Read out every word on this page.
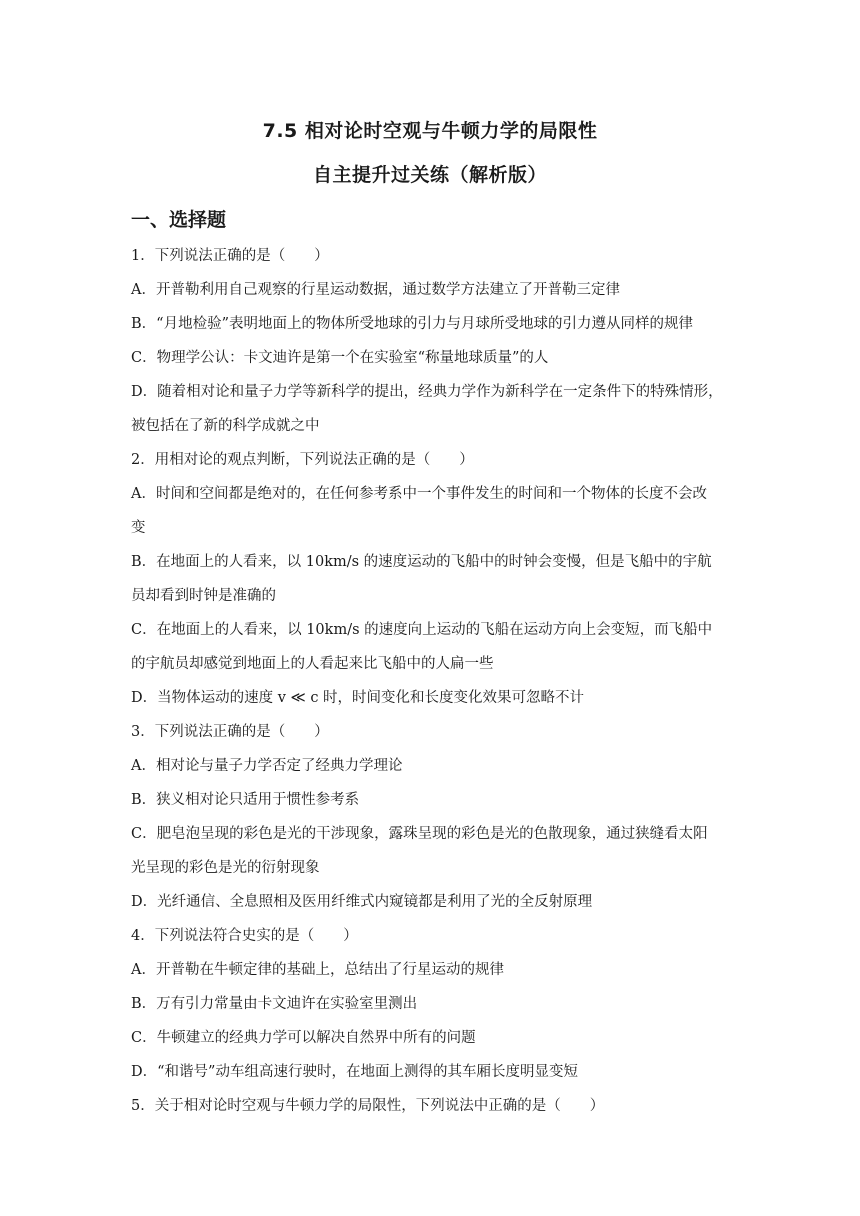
7.5 相对论时空观与牛顿力学的局限性
自主提升过关练（解析版）
一、选择题
1．下列说法正确的是（　　）
A．开普勒利用自己观察的行星运动数据，通过数学方法建立了开普勒三定律
B．“月地检验”表明地面上的物体所受地球的引力与月球所受地球的引力遵从同样的规律
C．物理学公认：卡文迪许是第一个在实验室“称量地球质量”的人
D．随着相对论和量子力学等新科学的提出，经典力学作为新科学在一定条件下的特殊情形，
被包括在了新的科学成就之中
2．用相对论的观点判断，下列说法正确的是（　　）
A．时间和空间都是绝对的，在任何参考系中一个事件发生的时间和一个物体的长度不会改
变
B．在地面上的人看来，以 10km/s 的速度运动的飞船中的时钟会变慢，但是飞船中的宇航
员却看到时钟是准确的
C．在地面上的人看来，以 10km/s 的速度向上运动的飞船在运动方向上会变短，而飞船中
的宇航员却感觉到地面上的人看起来比飞船中的人扁一些
D．当物体运动的速度 v ≪ c 时，时间变化和长度变化效果可忽略不计
3．下列说法正确的是（　　）
A．相对论与量子力学否定了经典力学理论
B．狭义相对论只适用于惯性参考系
C．肥皂泡呈现的彩色是光的干涉现象，露珠呈现的彩色是光的色散现象，通过狭缝看太阳
光呈现的彩色是光的衍射现象
D．光纤通信、全息照相及医用纤维式内窥镜都是利用了光的全反射原理
4．下列说法符合史实的是（　　）
A．开普勒在牛顿定律的基础上，总结出了行星运动的规律
B．万有引力常量由卡文迪许在实验室里测出
C．牛顿建立的经典力学可以解决自然界中所有的问题
D．“和谐号”动车组高速行驶时，在地面上测得的其车厢长度明显变短
5．关于相对论时空观与牛顿力学的局限性，下列说法中正确的是（　　）
